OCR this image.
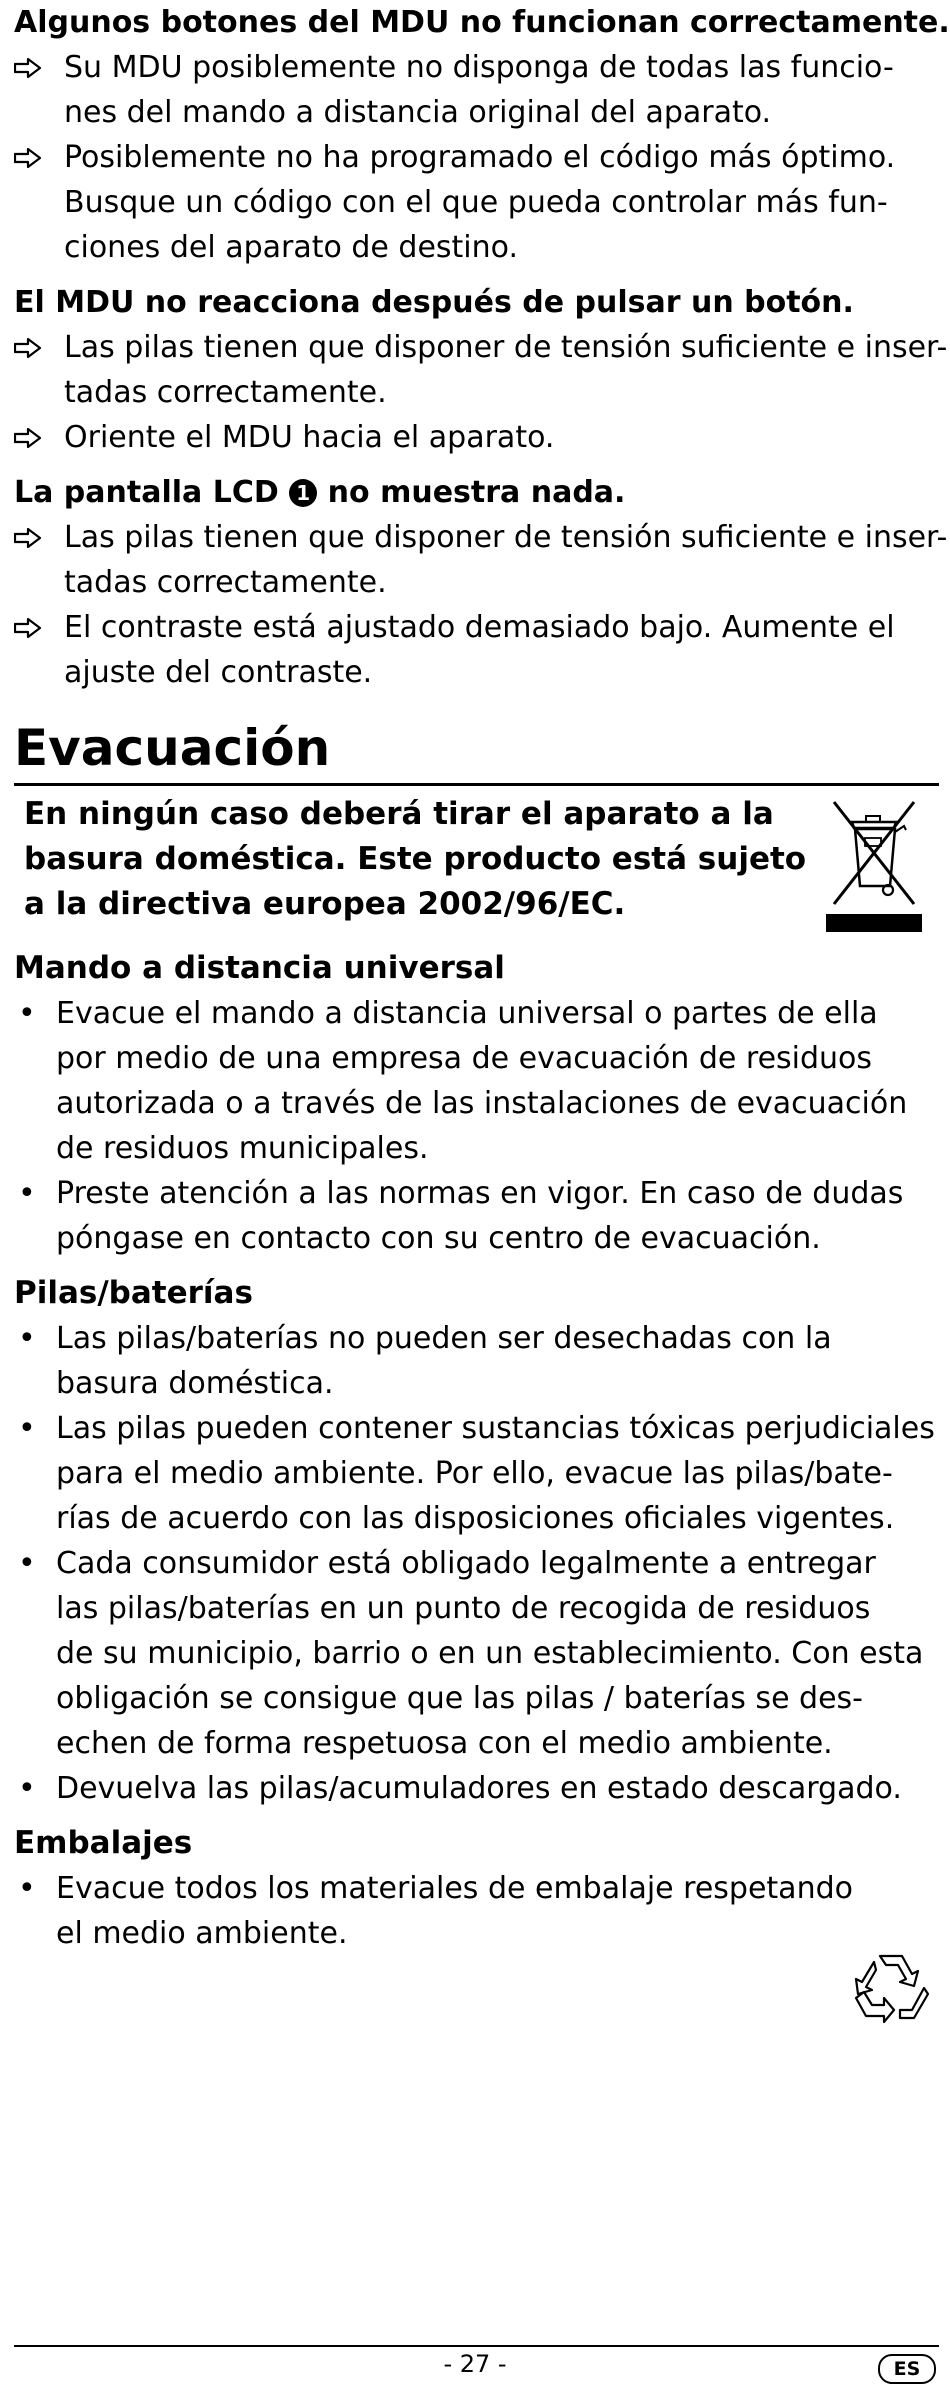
Algunos botones del MDU no funcionan correctamente.

Su MDU posiblemente no disponga de todas las funcio-
nes del mando a distancia original del aparato.
Posiblemente no ha programado el código más óptimo.
Busque un código con el que pueda controlar más fun-
ciones del aparato de destino.

El MDU no reacciona después de pulsar un botón.

Las pilas tienen que disponer de tensión suficiente e inser-
tadas correctamente.
Oriente el MDU hacia el aparato.

La pantalla LCD 1 no muestra nada.

Las pilas tienen que disponer de tensión suficiente e inser-
tadas correctamente.
El contraste está ajustado demasiado bajo. Aumente el
ajuste del contraste.
Evacuación
En ningún caso deberá tirar el aparato a la
basura doméstica. Este producto está sujeto
a la directiva europea 2002/96/EC.

Mando a distancia universal

• Evacue el mando a distancia universal o partes de ella
por medio de una empresa de evacuación de residuos
autorizada o a través de las instalaciones de evacuación
de residuos municipales.
• Preste atención a las normas en vigor. En caso de dudas
póngase en contacto con su centro de evacuación.

Pilas/baterías

• Las pilas/baterías no pueden ser desechadas con la
basura doméstica.
• Las pilas pueden contener sustancias tóxicas perjudiciales
para el medio ambiente. Por ello, evacue las pilas/bate-
rías de acuerdo con las disposiciones oficiales vigentes.
• Cada consumidor está obligado legalmente a entregar
las pilas/baterías en un punto de recogida de residuos
de su municipio, barrio o en un establecimiento. Con esta
obligación se consigue que las pilas / baterías se des-
echen de forma respetuosa con el medio ambiente.
• Devuelva las pilas/acumuladores en estado descargado.

Embalajes

• Evacue todos los materiales de embalaje respetando
el medio ambiente.
- 27 -	ES
